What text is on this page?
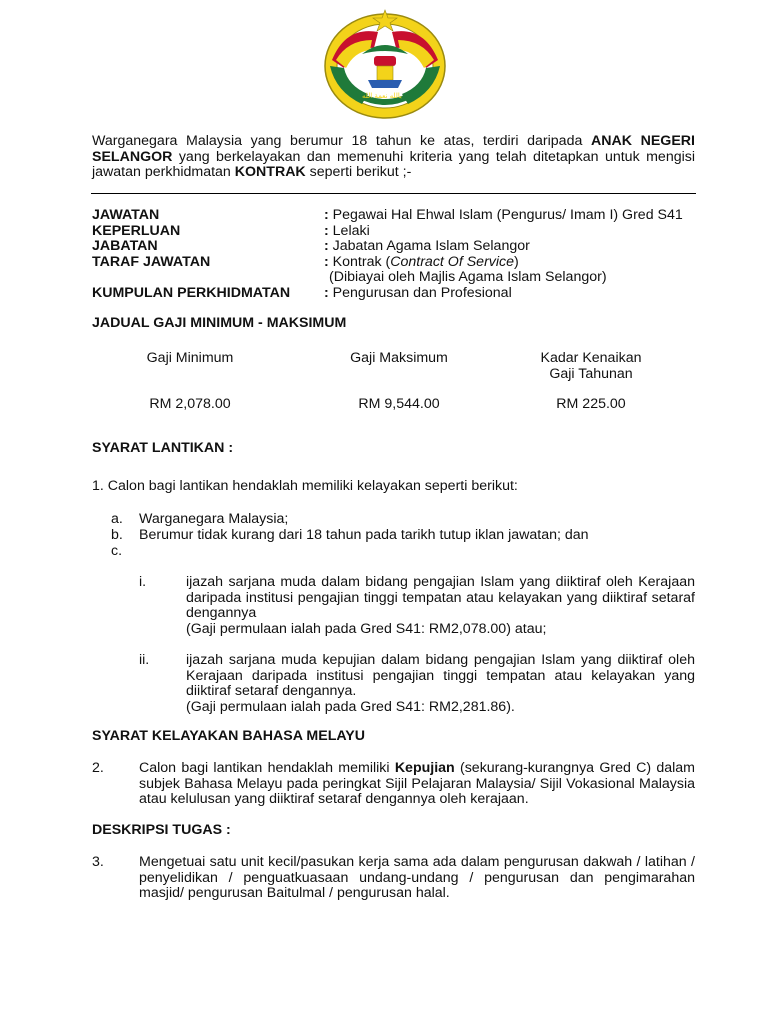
بالله نعمة الله
Warganegara Malaysia yang berumur 18 tahun ke atas, terdiri daripada ANAK NEGERI SELANGOR yang berkelayakan dan memenuhi kriteria yang telah ditetapkan untuk mengisi jawatan perkhidmatan KONTRAK seperti berikut ;-
JAWATAN	: Pegawai Hal Ehwal Islam (Pengurus/ Imam I) Gred S41
KEPERLUAN	: Lelaki
JABATAN	: Jabatan Agama Islam Selangor
TARAF JAWATAN	: Kontrak (Contract Of Service)
(Dibiayai oleh Majlis Agama Islam Selangor)
KUMPULAN PERKHIDMATAN : Pengurusan dan Profesional
JADUAL GAJI MINIMUM - MAKSIMUM
Gaji Minimum	Gaji Maksimum	Kadar Kenaikan
Gaji Tahunan
RM 2,078.00	RM 9,544.00	RM 225.00
SYARAT LANTIKAN :
1. Calon bagi lantikan hendaklah memiliki kelayakan seperti berikut:
a. Warganegara Malaysia;
b. Berumur tidak kurang dari 18 tahun pada tarikh tutup iklan jawatan; dan
c.
i.	ijazah sarjana muda dalam bidang pengajian Islam yang diiktiraf oleh Kerajaan daripada institusi pengajian tinggi tempatan atau kelayakan yang diiktiraf setaraf dengannya
(Gaji permulaan ialah pada Gred S41: RM2,078.00) atau;
ii.	ijazah sarjana muda kepujian dalam bidang pengajian Islam yang diiktiraf oleh Kerajaan daripada institusi pengajian tinggi tempatan atau kelayakan yang diiktiraf setaraf dengannya.
(Gaji permulaan ialah pada Gred S41: RM2,281.86).
SYARAT KELAYAKAN BAHASA MELAYU
2. Calon bagi lantikan hendaklah memiliki Kepujian (sekurang-kurangnya Gred C) dalam subjek Bahasa Melayu pada peringkat Sijil Pelajaran Malaysia/ Sijil Vokasional Malaysia atau kelulusan yang diiktiraf setaraf dengannya oleh kerajaan.
DESKRIPSI TUGAS :
3. Mengetuai satu unit kecil/pasukan kerja sama ada dalam pengurusan dakwah / latihan / penyelidikan / penguatkuasaan undang-undang / pengurusan dan pengimarahan masjid/ pengurusan Baitulmal / pengurusan halal.
